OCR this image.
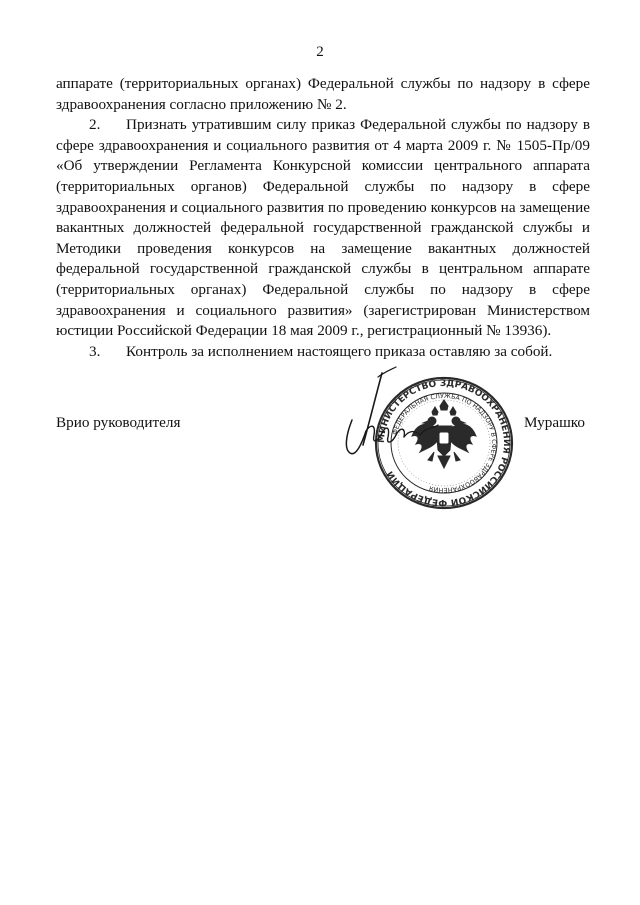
2

аппарате (территориальных органах) Федеральной службы по надзору в сфере здравоохранения согласно приложению № 2.

2. Признать утратившим силу приказ Федеральной службы по надзору в сфере здравоохранения и социального развития от 4 марта 2009 г. № 1505-Пр/09 «Об утверждении Регламента Конкурсной комиссии центрального аппарата (территориальных органов) Федеральной службы по надзору в сфере здравоохранения и социального развития по проведению конкурсов на замещение вакантных должностей федеральной государственной гражданской службы и Методики проведения конкурсов на замещение вакантных должностей федеральной государственной гражданской службы в центральном аппарате (территориальных органах) Федеральной службы по надзору в сфере здравоохранения и социального развития» (зарегистрирован Министерством юстиции Российской Федерации 18 мая 2009 г., регистрационный № 13936).

3. Контроль за исполнением настоящего приказа оставляю за собой.

Врио руководителя	Мурашко
МИНИСТЕРСТВО ЗДРАВООХРАНЕНИЯ РОССИЙСКОЙ ФЕДЕРАЦИИ
ФЕДЕРАЛЬНАЯ СЛУЖБА ПО НАДЗОРУ В СФЕРЕ ЗДРАВООХРАНЕНИЯ
